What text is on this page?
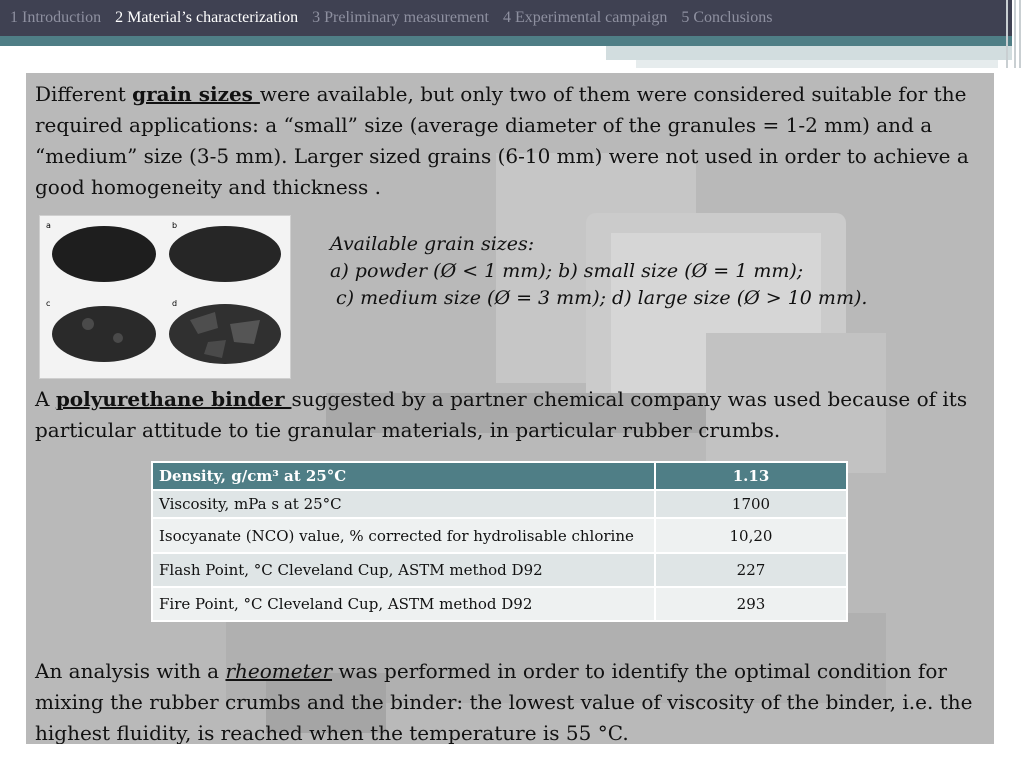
1 Introduction 2 Material’s characterization 3 Preliminary measurement 4 Experimental campaign 5 Conclusions

Different grain sizes were available, but only two of them were considered suitable for the required applications: a “small” size (average diameter of the granules = 1-2 mm) and a “medium” size (3-5 mm). Larger sized grains (6-10 mm) were not used in order to achieve a good homogeneity and thickness .

a	b
c	d
Available grain sizes:
a) powder (Ø < 1 mm); b) small size (Ø = 1 mm);
c) medium size (Ø = 3 mm); d) large size (Ø > 10 mm).

A polyurethane binder suggested by a partner chemical company was used because of its particular attitude to tie granular materials, in particular rubber crumbs.

Density, g/cm³ at 25°C	1.13
Viscosity, mPa s at 25°C	1700
Isocyanate (NCO) value, % corrected for hydrolisable chlorine	10,20
Flash Point, °C Cleveland Cup, ASTM method D92	227
Fire Point, °C Cleveland Cup, ASTM method D92	293

An analysis with a rheometer was performed in order to identify the optimal condition for mixing the rubber crumbs and the binder: the lowest value of viscosity of the binder, i.e. the highest fluidity, is reached when the temperature is 55 °C.
